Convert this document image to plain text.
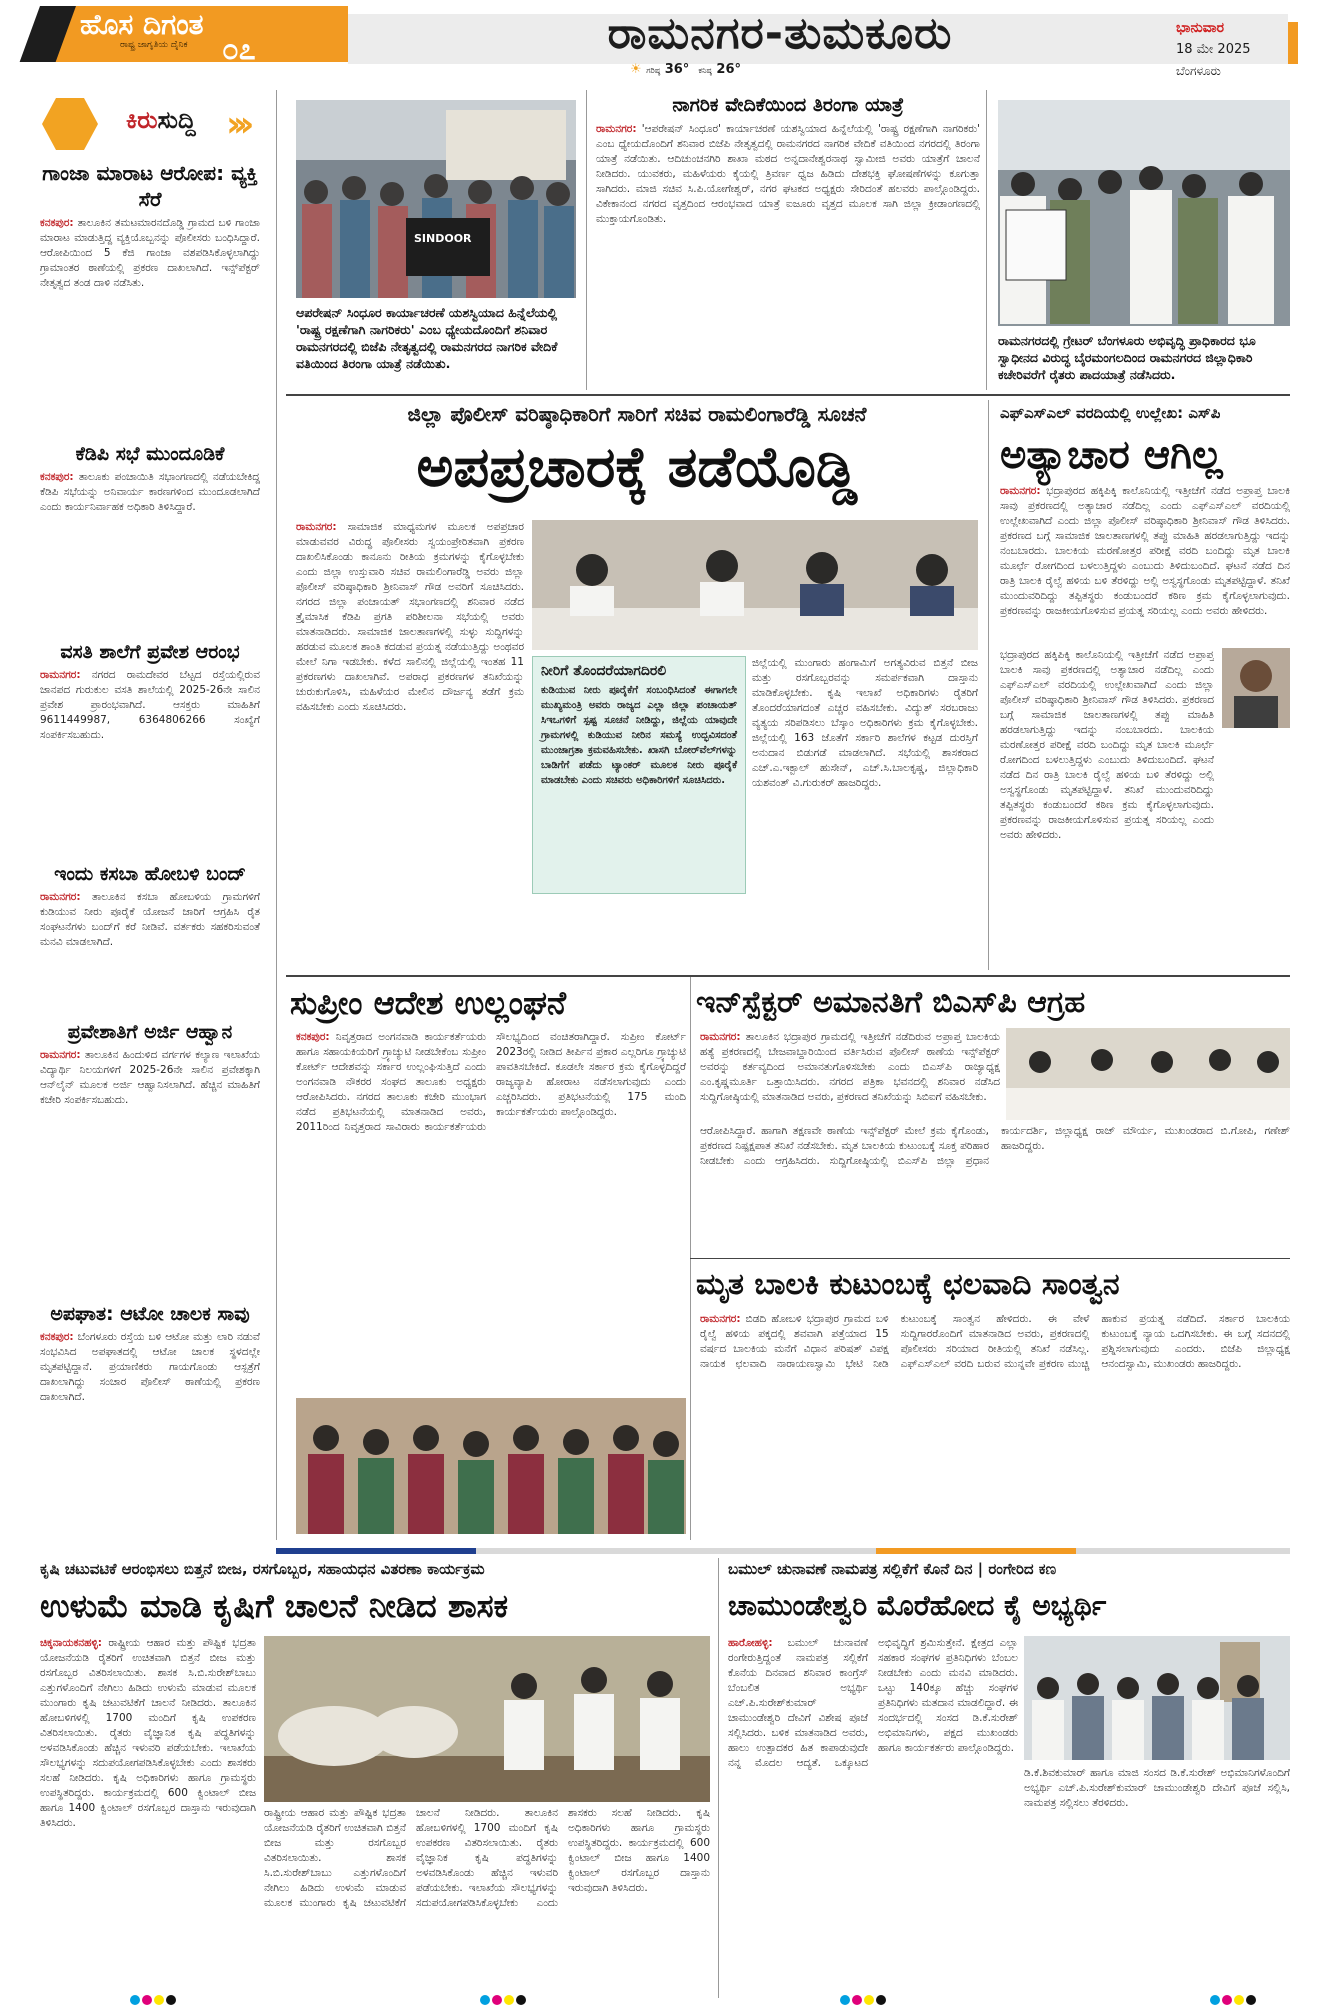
ಹೊಸ ದಿಗಂತ
ರಾಷ್ಟ್ರ ಜಾಗೃತಿಯ ದೈನಿಕ ೦೭	ರಾಮನಗರ-ತುಮಕೂರು
☀ ಗರಿಷ್ಠ 36° ಕನಿಷ್ಠ 26°
ಭಾನುವಾರ
18 ಮೇ 2025
ಬೆಂಗಳೂರು
ಕಿರುಸುದ್ದಿ ›››
ಗಾಂಜಾ ಮಾರಾಟ ಆರೋಪ: ವ್ಯಕ್ತಿ ಸೆರೆ
ಕನಕಪುರ: ತಾಲೂಕಿನ ತಮಟಮಾರನದೊಡ್ಡಿ ಗ್ರಾಮದ ಬಳಿ ಗಾಂಜಾ ಮಾರಾಟ ಮಾಡುತ್ತಿದ್ದ ವ್ಯಕ್ತಿಯೊಬ್ಬನನ್ನು ಪೊಲೀಸರು ಬಂಧಿಸಿದ್ದಾರೆ. ಆರೋಪಿಯಿಂದ 5 ಕೆಜಿ ಗಾಂಜಾ ವಶಪಡಿಸಿಕೊಳ್ಳಲಾಗಿದ್ದು ಗ್ರಾಮಾಂತರ ಠಾಣೆಯಲ್ಲಿ ಪ್ರಕರಣ ದಾಖಲಾಗಿದೆ. ಇನ್ಸ್‌ಪೆಕ್ಟರ್ ನೇತೃತ್ವದ ತಂಡ ದಾಳಿ ನಡೆಸಿತು.
ಕೆಡಿಪಿ ಸಭೆ ಮುಂದೂಡಿಕೆ
ಕನಕಪುರ: ತಾಲೂಕು ಪಂಚಾಯಿತಿ ಸಭಾಂಗಣದಲ್ಲಿ ನಡೆಯಬೇಕಿದ್ದ ಕೆಡಿಪಿ ಸಭೆಯನ್ನು ಅನಿವಾರ್ಯ ಕಾರಣಗಳಿಂದ ಮುಂದೂಡಲಾಗಿದೆ ಎಂದು ಕಾರ್ಯನಿರ್ವಾಹಕ ಅಧಿಕಾರಿ ತಿಳಿಸಿದ್ದಾರೆ.
ವಸತಿ ಶಾಲೆಗೆ ಪ್ರವೇಶ ಆರಂಭ
ರಾಮನಗರ: ನಗರದ ರಾಮದೇವರ ಬೆಟ್ಟದ ರಸ್ತೆಯಲ್ಲಿರುವ ಜಾನಪದ ಗುರುಕುಲ ವಸತಿ ಶಾಲೆಯಲ್ಲಿ 2025-26ನೇ ಸಾಲಿನ ಪ್ರವೇಶ ಪ್ರಾರಂಭವಾಗಿದೆ. ಆಸಕ್ತರು ಮಾಹಿತಿಗೆ 9611449987, 6364806266 ಸಂಖ್ಯೆಗೆ ಸಂಪರ್ಕಿಸಬಹುದು.
ಇಂದು ಕಸಬಾ ಹೋಬಳಿ ಬಂದ್
ರಾಮನಗರ: ತಾಲೂಕಿನ ಕಸಬಾ ಹೋಬಳಿಯ ಗ್ರಾಮಗಳಿಗೆ ಕುಡಿಯುವ ನೀರು ಪೂರೈಕೆ ಯೋಜನೆ ಜಾರಿಗೆ ಆಗ್ರಹಿಸಿ ರೈತ ಸಂಘಟನೆಗಳು ಬಂದ್‌ಗೆ ಕರೆ ನೀಡಿವೆ. ವರ್ತಕರು ಸಹಕರಿಸುವಂತೆ ಮನವಿ ಮಾಡಲಾಗಿದೆ.
ಪ್ರವೇಶಾತಿಗೆ ಅರ್ಜಿ ಆಹ್ವಾನ
ರಾಮನಗರ: ತಾಲೂಕಿನ ಹಿಂದುಳಿದ ವರ್ಗಗಳ ಕಲ್ಯಾಣ ಇಲಾಖೆಯ ವಿದ್ಯಾರ್ಥಿ ನಿಲಯಗಳಿಗೆ 2025-26ನೇ ಸಾಲಿನ ಪ್ರವೇಶಕ್ಕಾಗಿ ಆನ್‌ಲೈನ್ ಮೂಲಕ ಅರ್ಜಿ ಆಹ್ವಾನಿಸಲಾಗಿದೆ. ಹೆಚ್ಚಿನ ಮಾಹಿತಿಗೆ ಕಚೇರಿ ಸಂಪರ್ಕಿಸಬಹುದು.
ಅಪಘಾತ: ಆಟೋ ಚಾಲಕ ಸಾವು
ಕನಕಪುರ: ಬೆಂಗಳೂರು ರಸ್ತೆಯ ಬಳಿ ಆಟೋ ಮತ್ತು ಲಾರಿ ನಡುವೆ ಸಂಭವಿಸಿದ ಅಪಘಾತದಲ್ಲಿ ಆಟೋ ಚಾಲಕ ಸ್ಥಳದಲ್ಲೇ ಮೃತಪಟ್ಟಿದ್ದಾನೆ. ಪ್ರಯಾಣಿಕರು ಗಾಯಗೊಂಡು ಆಸ್ಪತ್ರೆಗೆ ದಾಖಲಾಗಿದ್ದು ಸಂಚಾರ ಪೊಲೀಸ್ ಠಾಣೆಯಲ್ಲಿ ಪ್ರಕರಣ ದಾಖಲಾಗಿದೆ.
SINDOOR
ಆಪರೇಷನ್ ಸಿಂಧೂರ ಕಾರ್ಯಾಚರಣೆ ಯಶಸ್ವಿಯಾದ ಹಿನ್ನೆಲೆಯಲ್ಲಿ 'ರಾಷ್ಟ್ರ ರಕ್ಷಣೆಗಾಗಿ ನಾಗರಿಕರು' ಎಂಬ ಧ್ಯೇಯದೊಂದಿಗೆ ಶನಿವಾರ ರಾಮನಗರದಲ್ಲಿ ಬಿಜೆಪಿ ನೇತೃತ್ವದಲ್ಲಿ ರಾಮನಗರದ ನಾಗರಿಕ ವೇದಿಕೆ ವತಿಯಿಂದ ತಿರಂಗಾ ಯಾತ್ರೆ ನಡೆಯಿತು.
ನಾಗರಿಕ ವೇದಿಕೆಯಿಂದ ತಿರಂಗಾ ಯಾತ್ರೆ
ರಾಮನಗರ: 'ಆಪರೇಷನ್ ಸಿಂಧೂರ' ಕಾರ್ಯಾಚರಣೆ ಯಶಸ್ವಿಯಾದ ಹಿನ್ನೆಲೆಯಲ್ಲಿ 'ರಾಷ್ಟ್ರ ರಕ್ಷಣೆಗಾಗಿ ನಾಗರಿಕರು' ಎಂಬ ಧ್ಯೇಯದೊಂದಿಗೆ ಶನಿವಾರ ಬಿಜೆಪಿ ನೇತೃತ್ವದಲ್ಲಿ ರಾಮನಗರದ ನಾಗರಿಕ ವೇದಿಕೆ ವತಿಯಿಂದ ನಗರದಲ್ಲಿ ತಿರಂಗಾ ಯಾತ್ರೆ ನಡೆಯಿತು. ಆದಿಚುಂಚನಗಿರಿ ಶಾಖಾ ಮಠದ ಅನ್ನದಾನೇಶ್ವರನಾಥ ಸ್ವಾಮೀಜಿ ಅವರು ಯಾತ್ರೆಗೆ ಚಾಲನೆ ನೀಡಿದರು. ಯುವಕರು, ಮಹಿಳೆಯರು ಕೈಯಲ್ಲಿ ತ್ರಿವರ್ಣ ಧ್ವಜ ಹಿಡಿದು ದೇಶಭಕ್ತಿ ಘೋಷಣೆಗಳನ್ನು ಕೂಗುತ್ತಾ ಸಾಗಿದರು. ಮಾಜಿ ಸಚಿವ ಸಿ.ಪಿ.ಯೋಗೇಶ್ವರ್, ನಗರ ಘಟಕದ ಅಧ್ಯಕ್ಷರು ಸೇರಿದಂತೆ ಹಲವರು ಪಾಲ್ಗೊಂಡಿದ್ದರು. ವಿಕೇಕಾನಂದ ನಗರದ ವೃತ್ತದಿಂದ ಆರಂಭವಾದ ಯಾತ್ರೆ ಐಜೂರು ವೃತ್ತದ ಮೂಲಕ ಸಾಗಿ ಜಿಲ್ಲಾ ಕ್ರೀಡಾಂಗಣದಲ್ಲಿ ಮುಕ್ತಾಯಗೊಂಡಿತು.
ರಾಮನಗರದಲ್ಲಿ ಗ್ರೇಟರ್ ಬೆಂಗಳೂರು ಅಭಿವೃದ್ಧಿ ಪ್ರಾಧಿಕಾರದ ಭೂ ಸ್ವಾಧೀನದ ವಿರುದ್ಧ ಬೈರಮಂಗಲದಿಂದ ರಾಮನಗರದ ಜಿಲ್ಲಾಧಿಕಾರಿ ಕಚೇರಿವರೆಗೆ ರೈತರು ಪಾದಯಾತ್ರೆ ನಡೆಸಿದರು.
ಜಿಲ್ಲಾ ಪೊಲೀಸ್ ವರಿಷ್ಠಾಧಿಕಾರಿಗೆ ಸಾರಿಗೆ ಸಚಿವ ರಾಮಲಿಂಗಾರೆಡ್ಡಿ ಸೂಚನೆ
ಅಪಪ್ರಚಾರಕ್ಕೆ ತಡೆಯೊಡ್ಡಿ
ರಾಮನಗರ: ಸಾಮಾಜಿಕ ಮಾಧ್ಯಮಗಳ ಮೂಲಕ ಅಪಪ್ರಚಾರ ಮಾಡುವವರ ವಿರುದ್ಧ ಪೊಲೀಸರು ಸ್ವಯಂಪ್ರೇರಿತವಾಗಿ ಪ್ರಕರಣ ದಾಖಲಿಸಿಕೊಂಡು ಕಾನೂನು ರೀತಿಯ ಕ್ರಮಗಳನ್ನು ಕೈಗೊಳ್ಳಬೇಕು ಎಂದು ಜಿಲ್ಲಾ ಉಸ್ತುವಾರಿ ಸಚಿವ ರಾಮಲಿಂಗಾರೆಡ್ಡಿ ಅವರು ಜಿಲ್ಲಾ ಪೊಲೀಸ್ ವರಿಷ್ಠಾಧಿಕಾರಿ ಶ್ರೀನಿವಾಸ್ ಗೌಡ ಅವರಿಗೆ ಸೂಚಿಸಿದರು. ನಗರದ ಜಿಲ್ಲಾ ಪಂಚಾಯತ್ ಸಭಾಂಗಣದಲ್ಲಿ ಶನಿವಾರ ನಡೆದ ತ್ರೈಮಾಸಿಕ ಕೆಡಿಪಿ ಪ್ರಗತಿ ಪರಿಶೀಲನಾ ಸಭೆಯಲ್ಲಿ ಅವರು ಮಾತನಾಡಿದರು. ಸಾಮಾಜಿಕ ಜಾಲತಾಣಗಳಲ್ಲಿ ಸುಳ್ಳು ಸುದ್ದಿಗಳನ್ನು ಹರಡುವ ಮೂಲಕ ಶಾಂತಿ ಕದಡುವ ಪ್ರಯತ್ನ ನಡೆಯುತ್ತಿದ್ದು ಅಂಥವರ ಮೇಲೆ ನಿಗಾ ಇಡಬೇಕು. ಕಳೆದ ಸಾಲಿನಲ್ಲಿ ಜಿಲ್ಲೆಯಲ್ಲಿ ಇಂತಹ 11 ಪ್ರಕರಣಗಳು ದಾಖಲಾಗಿವೆ. ಅಪರಾಧ ಪ್ರಕರಣಗಳ ತನಿಖೆಯನ್ನು ಚುರುಕುಗೊಳಿಸಿ, ಮಹಿಳೆಯರ ಮೇಲಿನ ದೌರ್ಜನ್ಯ ತಡೆಗೆ ಕ್ರಮ ವಹಿಸಬೇಕು ಎಂದು ಸೂಚಿಸಿದರು.
ನೀರಿಗೆ ತೊಂದರೆಯಾಗದಿರಲಿ
ಕುಡಿಯುವ ನೀರು ಪೂರೈಕೆಗೆ ಸಂಬಂಧಿಸಿದಂತೆ ಈಗಾಗಲೇ ಮುಖ್ಯಮಂತ್ರಿ ಅವರು ರಾಜ್ಯದ ಎಲ್ಲಾ ಜಿಲ್ಲಾ ಪಂಚಾಯತ್ ಸಿಇಒಗಳಿಗೆ ಸ್ಪಷ್ಟ ಸೂಚನೆ ನೀಡಿದ್ದು, ಜಿಲ್ಲೆಯ ಯಾವುದೇ ಗ್ರಾಮಗಳಲ್ಲಿ ಕುಡಿಯುವ ನೀರಿನ ಸಮಸ್ಯೆ ಉದ್ಭವಿಸದಂತೆ ಮುಂಜಾಗ್ರತಾ ಕ್ರಮವಹಿಸಬೇಕು. ಖಾಸಗಿ ಬೋರ್‌ವೆಲ್‌ಗಳನ್ನು ಬಾಡಿಗೆಗೆ ಪಡೆದು ಟ್ಯಾಂಕರ್ ಮೂಲಕ ನೀರು ಪೂರೈಕೆ ಮಾಡಬೇಕು ಎಂದು ಸಚಿವರು ಅಧಿಕಾರಿಗಳಿಗೆ ಸೂಚಿಸಿದರು.
ಜಿಲ್ಲೆಯಲ್ಲಿ ಮುಂಗಾರು ಹಂಗಾಮಿಗೆ ಅಗತ್ಯವಿರುವ ಬಿತ್ತನೆ ಬೀಜ ಮತ್ತು ರಸಗೊಬ್ಬರವನ್ನು ಸಮರ್ಪಕವಾಗಿ ದಾಸ್ತಾನು ಮಾಡಿಕೊಳ್ಳಬೇಕು. ಕೃಷಿ ಇಲಾಖೆ ಅಧಿಕಾರಿಗಳು ರೈತರಿಗೆ ತೊಂದರೆಯಾಗದಂತೆ ಎಚ್ಚರ ವಹಿಸಬೇಕು. ವಿದ್ಯುತ್ ಸರಬರಾಜು ವ್ಯತ್ಯಯ ಸರಿಪಡಿಸಲು ಬೆಸ್ಕಾಂ ಅಧಿಕಾರಿಗಳು ಕ್ರಮ ಕೈಗೊಳ್ಳಬೇಕು. ಜಿಲ್ಲೆಯಲ್ಲಿ 163 ಜೊತೆಗೆ ಸರ್ಕಾರಿ ಶಾಲೆಗಳ ಕಟ್ಟಡ ದುರಸ್ತಿಗೆ ಅನುದಾನ ಬಿಡುಗಡೆ ಮಾಡಲಾಗಿದೆ. ಸಭೆಯಲ್ಲಿ ಶಾಸಕರಾದ ಎಚ್.ಎ.ಇಕ್ಬಾಲ್ ಹುಸೇನ್, ಎಚ್.ಸಿ.ಬಾಲಕೃಷ್ಣ, ಜಿಲ್ಲಾಧಿಕಾರಿ ಯಶವಂತ್ ವಿ.ಗುರುಕರ್ ಹಾಜರಿದ್ದರು.
ಎಫ್‌ಎಸ್‌ಎಲ್ ವರದಿಯಲ್ಲಿ ಉಲ್ಲೇಖ: ಎಸ್‌ಪಿ
ಅತ್ಯಾಚಾರ ಆಗಿಲ್ಲ
ರಾಮನಗರ: ಭದ್ರಾಪುರದ ಹಕ್ಕಿಪಿಕ್ಕಿ ಕಾಲೊನಿಯಲ್ಲಿ ಇತ್ತೀಚೆಗೆ ನಡೆದ ಅಪ್ರಾಪ್ತ ಬಾಲಕಿ ಸಾವು ಪ್ರಕರಣದಲ್ಲಿ ಅತ್ಯಾಚಾರ ನಡೆದಿಲ್ಲ ಎಂದು ಎಫ್‌ಎಸ್‌ಎಲ್ ವರದಿಯಲ್ಲಿ ಉಲ್ಲೇಖವಾಗಿದೆ ಎಂದು ಜಿಲ್ಲಾ ಪೊಲೀಸ್ ವರಿಷ್ಠಾಧಿಕಾರಿ ಶ್ರೀನಿವಾಸ್ ಗೌಡ ತಿಳಿಸಿದರು. ಪ್ರಕರಣದ ಬಗ್ಗೆ ಸಾಮಾಜಿಕ ಜಾಲತಾಣಗಳಲ್ಲಿ ತಪ್ಪು ಮಾಹಿತಿ ಹರಡಲಾಗುತ್ತಿದ್ದು ಇದನ್ನು ನಂಬಬಾರದು. ಬಾಲಕಿಯ ಮರಣೋತ್ತರ ಪರೀಕ್ಷೆ ವರದಿ ಬಂದಿದ್ದು ಮೃತ ಬಾಲಕಿ ಮೂರ್ಛೆ ರೋಗದಿಂದ ಬಳಲುತ್ತಿದ್ದಳು ಎಂಬುದು ತಿಳಿದುಬಂದಿದೆ. ಘಟನೆ ನಡೆದ ದಿನ ರಾತ್ರಿ ಬಾಲಕಿ ರೈಲ್ವೆ ಹಳಿಯ ಬಳಿ ತೆರಳಿದ್ದು ಅಲ್ಲಿ ಅಸ್ವಸ್ಥಗೊಂಡು ಮೃತಪಟ್ಟಿದ್ದಾಳೆ. ತನಿಖೆ ಮುಂದುವರಿದಿದ್ದು ತಪ್ಪಿತಸ್ಥರು ಕಂಡುಬಂದರೆ ಕಠಿಣ ಕ್ರಮ ಕೈಗೊಳ್ಳಲಾಗುವುದು. ಪ್ರಕರಣವನ್ನು ರಾಜಕೀಯಗೊಳಿಸುವ ಪ್ರಯತ್ನ ಸರಿಯಲ್ಲ ಎಂದು ಅವರು ಹೇಳಿದರು.
ಭದ್ರಾಪುರದ ಹಕ್ಕಿಪಿಕ್ಕಿ ಕಾಲೊನಿಯಲ್ಲಿ ಇತ್ತೀಚೆಗೆ ನಡೆದ ಅಪ್ರಾಪ್ತ ಬಾಲಕಿ ಸಾವು ಪ್ರಕರಣದಲ್ಲಿ ಅತ್ಯಾಚಾರ ನಡೆದಿಲ್ಲ ಎಂದು ಎಫ್‌ಎಸ್‌ಎಲ್ ವರದಿಯಲ್ಲಿ ಉಲ್ಲೇಖವಾಗಿದೆ ಎಂದು ಜಿಲ್ಲಾ ಪೊಲೀಸ್ ವರಿಷ್ಠಾಧಿಕಾರಿ ಶ್ರೀನಿವಾಸ್ ಗೌಡ ತಿಳಿಸಿದರು. ಪ್ರಕರಣದ ಬಗ್ಗೆ ಸಾಮಾಜಿಕ ಜಾಲತಾಣಗಳಲ್ಲಿ ತಪ್ಪು ಮಾಹಿತಿ ಹರಡಲಾಗುತ್ತಿದ್ದು ಇದನ್ನು ನಂಬಬಾರದು. ಬಾಲಕಿಯ ಮರಣೋತ್ತರ ಪರೀಕ್ಷೆ ವರದಿ ಬಂದಿದ್ದು ಮೃತ ಬಾಲಕಿ ಮೂರ್ಛೆ ರೋಗದಿಂದ ಬಳಲುತ್ತಿದ್ದಳು ಎಂಬುದು ತಿಳಿದುಬಂದಿದೆ. ಘಟನೆ ನಡೆದ ದಿನ ರಾತ್ರಿ ಬಾಲಕಿ ರೈಲ್ವೆ ಹಳಿಯ ಬಳಿ ತೆರಳಿದ್ದು ಅಲ್ಲಿ ಅಸ್ವಸ್ಥಗೊಂಡು ಮೃತಪಟ್ಟಿದ್ದಾಳೆ. ತನಿಖೆ ಮುಂದುವರಿದಿದ್ದು ತಪ್ಪಿತಸ್ಥರು ಕಂಡುಬಂದರೆ ಕಠಿಣ ಕ್ರಮ ಕೈಗೊಳ್ಳಲಾಗುವುದು. ಪ್ರಕರಣವನ್ನು ರಾಜಕೀಯಗೊಳಿಸುವ ಪ್ರಯತ್ನ ಸರಿಯಲ್ಲ ಎಂದು ಅವರು ಹೇಳಿದರು.
ಸುಪ್ರೀಂ ಆದೇಶ ಉಲ್ಲಂಘನೆ
ಕನಕಪುರ: ನಿವೃತ್ತರಾದ ಅಂಗನವಾಡಿ ಕಾರ್ಯಕರ್ತೆಯರು ಹಾಗೂ ಸಹಾಯಕಿಯರಿಗೆ ಗ್ರ್ಯಾಚ್ಯುಟಿ ನೀಡಬೇಕೆಂಬ ಸುಪ್ರೀಂ ಕೋರ್ಟ್ ಆದೇಶವನ್ನು ಸರ್ಕಾರ ಉಲ್ಲಂಘಿಸುತ್ತಿದೆ ಎಂದು ಅಂಗನವಾಡಿ ನೌಕರರ ಸಂಘದ ತಾಲೂಕು ಅಧ್ಯಕ್ಷರು ಆರೋಪಿಸಿದರು. ನಗರದ ತಾಲೂಕು ಕಚೇರಿ ಮುಂಭಾಗ ನಡೆದ ಪ್ರತಿಭಟನೆಯಲ್ಲಿ ಮಾತನಾಡಿದ ಅವರು, 2011ರಿಂದ ನಿವೃತ್ತರಾದ ಸಾವಿರಾರು ಕಾರ್ಯಕರ್ತೆಯರು ಸೌಲಭ್ಯದಿಂದ ವಂಚಿತರಾಗಿದ್ದಾರೆ. ಸುಪ್ರೀಂ ಕೋರ್ಟ್ 2023ರಲ್ಲಿ ನೀಡಿದ ತೀರ್ಪಿನ ಪ್ರಕಾರ ಎಲ್ಲರಿಗೂ ಗ್ರ್ಯಾಚ್ಯುಟಿ ಪಾವತಿಸಬೇಕಿದೆ. ಕೂಡಲೇ ಸರ್ಕಾರ ಕ್ರಮ ಕೈಗೊಳ್ಳದಿದ್ದರೆ ರಾಜ್ಯವ್ಯಾಪಿ ಹೋರಾಟ ನಡೆಸಲಾಗುವುದು ಎಂದು ಎಚ್ಚರಿಸಿದರು. ಪ್ರತಿಭಟನೆಯಲ್ಲಿ 175 ಮಂದಿ ಕಾರ್ಯಕರ್ತೆಯರು ಪಾಲ್ಗೊಂಡಿದ್ದರು.
ಇನ್‌ಸ್ಪೆಕ್ಟರ್ ಅಮಾನತಿಗೆ ಬಿಎಸ್‌ಪಿ ಆಗ್ರಹ
ರಾಮನಗರ: ತಾಲೂಕಿನ ಭದ್ರಾಪುರ ಗ್ರಾಮದಲ್ಲಿ ಇತ್ತೀಚೆಗೆ ನಡೆದಿರುವ ಅಪ್ರಾಪ್ತ ಬಾಲಕಿಯ ಹತ್ಯೆ ಪ್ರಕರಣದಲ್ಲಿ ಬೇಜವಾಬ್ದಾರಿಯಿಂದ ವರ್ತಿಸಿರುವ ಪೊಲೀಸ್ ಠಾಣೆಯ ಇನ್ಸ್‌ಪೆಕ್ಟರ್ ಅವರನ್ನು ಕರ್ತವ್ಯದಿಂದ ಅಮಾನತುಗೊಳಿಸಬೇಕು ಎಂದು ಬಿಎಸ್‌ಪಿ ರಾಜ್ಯಾಧ್ಯಕ್ಷ ಎಂ.ಕೃಷ್ಣಮೂರ್ತಿ ಒತ್ತಾಯಿಸಿದರು. ನಗರದ ಪತ್ರಿಕಾ ಭವನದಲ್ಲಿ ಶನಿವಾರ ನಡೆಸಿದ ಸುದ್ದಿಗೋಷ್ಠಿಯಲ್ಲಿ ಮಾತನಾಡಿದ ಅವರು, ಪ್ರಕರಣದ ತನಿಖೆಯನ್ನು ಸಿಬಿಐಗೆ ವಹಿಸಬೇಕು.
ಆರೋಪಿಸಿದ್ದಾರೆ. ಹಾಗಾಗಿ ತಕ್ಷಣವೇ ಠಾಣೆಯ ಇನ್ಸ್‌ಪೆಕ್ಟರ್ ಮೇಲೆ ಕ್ರಮ ಕೈಗೊಂಡು, ಪ್ರಕರಣದ ನಿಷ್ಪಕ್ಷಪಾತ ತನಿಖೆ ನಡೆಸಬೇಕು. ಮೃತ ಬಾಲಕಿಯ ಕುಟುಂಬಕ್ಕೆ ಸೂಕ್ತ ಪರಿಹಾರ ನೀಡಬೇಕು ಎಂದು ಆಗ್ರಹಿಸಿದರು. ಸುದ್ದಿಗೋಷ್ಠಿಯಲ್ಲಿ ಬಿಎಸ್‌ಪಿ ಜಿಲ್ಲಾ ಪ್ರಧಾನ ಕಾರ್ಯದರ್ಶಿ, ಜಿಲ್ಲಾಧ್ಯಕ್ಷ ರಾಜ್ ಮೌರ್ಯ, ಮುಖಂಡರಾದ ಬಿ.ಗೋಪಿ, ಗಣೇಶ್ ಹಾಜರಿದ್ದರು.
ಮೃತ ಬಾಲಕಿ ಕುಟುಂಬಕ್ಕೆ ಛಲವಾದಿ ಸಾಂತ್ವನ
ರಾಮನಗರ: ಬಿಡದಿ ಹೋಬಳಿ ಭದ್ರಾಪುರ ಗ್ರಾಮದ ಬಳಿ ರೈಲ್ವೆ ಹಳಿಯ ಪಕ್ಕದಲ್ಲಿ ಶವವಾಗಿ ಪತ್ತೆಯಾದ 15 ವರ್ಷದ ಬಾಲಕಿಯ ಮನೆಗೆ ವಿಧಾನ ಪರಿಷತ್ ವಿಪಕ್ಷ ನಾಯಕ ಛಲವಾದಿ ನಾರಾಯಣಸ್ವಾಮಿ ಭೇಟಿ ನೀಡಿ ಕುಟುಂಬಕ್ಕೆ ಸಾಂತ್ವನ ಹೇಳಿದರು. ಈ ವೇಳೆ ಸುದ್ದಿಗಾರರೊಂದಿಗೆ ಮಾತನಾಡಿದ ಅವರು, ಪ್ರಕರಣದಲ್ಲಿ ಪೊಲೀಸರು ಸರಿಯಾದ ರೀತಿಯಲ್ಲಿ ತನಿಖೆ ನಡೆಸಿಲ್ಲ. ಎಫ್‌ಎಸ್‌ಎಲ್ ವರದಿ ಬರುವ ಮುನ್ನವೇ ಪ್ರಕರಣ ಮುಚ್ಚಿ ಹಾಕುವ ಪ್ರಯತ್ನ ನಡೆದಿದೆ. ಸರ್ಕಾರ ಬಾಲಕಿಯ ಕುಟುಂಬಕ್ಕೆ ನ್ಯಾಯ ಒದಗಿಸಬೇಕು. ಈ ಬಗ್ಗೆ ಸದನದಲ್ಲಿ ಪ್ರಶ್ನಿಸಲಾಗುವುದು ಎಂದರು. ಬಿಜೆಪಿ ಜಿಲ್ಲಾಧ್ಯಕ್ಷ ಆನಂದಸ್ವಾಮಿ, ಮುಖಂಡರು ಹಾಜರಿದ್ದರು.
ಕೃಷಿ ಚಟುವಟಿಕೆ ಆರಂಭಿಸಲು ಬಿತ್ತನೆ ಬೀಜ, ರಸಗೊಬ್ಬರ, ಸಹಾಯಧನ ವಿತರಣಾ ಕಾರ್ಯಕ್ರಮ
ಉಳುಮೆ ಮಾಡಿ ಕೃಷಿಗೆ ಚಾಲನೆ ನೀಡಿದ ಶಾಸಕ
ಚಿಕ್ಕನಾಯಕನಹಳ್ಳಿ: ರಾಷ್ಟ್ರೀಯ ಆಹಾರ ಮತ್ತು ಪೌಷ್ಟಿಕ ಭದ್ರತಾ ಯೋಜನೆಯಡಿ ರೈತರಿಗೆ ಉಚಿತವಾಗಿ ಬಿತ್ತನೆ ಬೀಜ ಮತ್ತು ರಸಗೊಬ್ಬರ ವಿತರಿಸಲಾಯಿತು. ಶಾಸಕ ಸಿ.ಬಿ.ಸುರೇಶ್‌ಬಾಬು ಎತ್ತುಗಳೊಂದಿಗೆ ನೇಗಿಲು ಹಿಡಿದು ಉಳುಮೆ ಮಾಡುವ ಮೂಲಕ ಮುಂಗಾರು ಕೃಷಿ ಚಟುವಟಿಕೆಗೆ ಚಾಲನೆ ನೀಡಿದರು. ತಾಲೂಕಿನ ಹೋಬಳಿಗಳಲ್ಲಿ 1700 ಮಂದಿಗೆ ಕೃಷಿ ಉಪಕರಣ ವಿತರಿಸಲಾಯಿತು. ರೈತರು ವೈಜ್ಞಾನಿಕ ಕೃಷಿ ಪದ್ಧತಿಗಳನ್ನು ಅಳವಡಿಸಿಕೊಂಡು ಹೆಚ್ಚಿನ ಇಳುವರಿ ಪಡೆಯಬೇಕು. ಇಲಾಖೆಯ ಸೌಲಭ್ಯಗಳನ್ನು ಸದುಪಯೋಗಪಡಿಸಿಕೊಳ್ಳಬೇಕು ಎಂದು ಶಾಸಕರು ಸಲಹೆ ನೀಡಿದರು. ಕೃಷಿ ಅಧಿಕಾರಿಗಳು ಹಾಗೂ ಗ್ರಾಮಸ್ಥರು ಉಪಸ್ಥಿತರಿದ್ದರು. ಕಾರ್ಯಕ್ರಮದಲ್ಲಿ 600 ಕ್ವಿಂಟಾಲ್ ಬೀಜ ಹಾಗೂ 1400 ಕ್ವಿಂಟಾಲ್ ರಸಗೊಬ್ಬರ ದಾಸ್ತಾನು ಇರುವುದಾಗಿ ತಿಳಿಸಿದರು.
ರಾಷ್ಟ್ರೀಯ ಆಹಾರ ಮತ್ತು ಪೌಷ್ಟಿಕ ಭದ್ರತಾ ಯೋಜನೆಯಡಿ ರೈತರಿಗೆ ಉಚಿತವಾಗಿ ಬಿತ್ತನೆ ಬೀಜ ಮತ್ತು ರಸಗೊಬ್ಬರ ವಿತರಿಸಲಾಯಿತು. ಶಾಸಕ ಸಿ.ಬಿ.ಸುರೇಶ್‌ಬಾಬು ಎತ್ತುಗಳೊಂದಿಗೆ ನೇಗಿಲು ಹಿಡಿದು ಉಳುಮೆ ಮಾಡುವ ಮೂಲಕ ಮುಂಗಾರು ಕೃಷಿ ಚಟುವಟಿಕೆಗೆ ಚಾಲನೆ ನೀಡಿದರು. ತಾಲೂಕಿನ ಹೋಬಳಿಗಳಲ್ಲಿ 1700 ಮಂದಿಗೆ ಕೃಷಿ ಉಪಕರಣ ವಿತರಿಸಲಾಯಿತು. ರೈತರು ವೈಜ್ಞಾನಿಕ ಕೃಷಿ ಪದ್ಧತಿಗಳನ್ನು ಅಳವಡಿಸಿಕೊಂಡು ಹೆಚ್ಚಿನ ಇಳುವರಿ ಪಡೆಯಬೇಕು. ಇಲಾಖೆಯ ಸೌಲಭ್ಯಗಳನ್ನು ಸದುಪಯೋಗಪಡಿಸಿಕೊಳ್ಳಬೇಕು ಎಂದು ಶಾಸಕರು ಸಲಹೆ ನೀಡಿದರು. ಕೃಷಿ ಅಧಿಕಾರಿಗಳು ಹಾಗೂ ಗ್ರಾಮಸ್ಥರು ಉಪಸ್ಥಿತರಿದ್ದರು. ಕಾರ್ಯಕ್ರಮದಲ್ಲಿ 600 ಕ್ವಿಂಟಾಲ್ ಬೀಜ ಹಾಗೂ 1400 ಕ್ವಿಂಟಾಲ್ ರಸಗೊಬ್ಬರ ದಾಸ್ತಾನು ಇರುವುದಾಗಿ ತಿಳಿಸಿದರು.
ಬಮುಲ್ ಚುನಾವಣೆ ನಾಮಪತ್ರ ಸಲ್ಲಿಕೆಗೆ ಕೊನೆ ದಿನ | ರಂಗೇರಿದ ಕಣ
ಚಾಮುಂಡೇಶ್ವರಿ ಮೊರೆಹೋದ ಕೈ ಅಭ್ಯರ್ಥಿ
ಹಾರೋಹಳ್ಳಿ: ಬಮುಲ್ ಚುನಾವಣೆ ರಂಗೇರುತ್ತಿದ್ದಂತೆ ನಾಮಪತ್ರ ಸಲ್ಲಿಕೆಗೆ ಕೊನೆಯ ದಿನವಾದ ಶನಿವಾರ ಕಾಂಗ್ರೆಸ್ ಬೆಂಬಲಿತ ಅಭ್ಯರ್ಥಿ ಎಚ್.ಪಿ.ಸುರೇಶ್‌ಕುಮಾರ್ ಚಾಮುಂಡೇಶ್ವರಿ ದೇವಿಗೆ ವಿಶೇಷ ಪೂಜೆ ಸಲ್ಲಿಸಿದರು. ಬಳಿಕ ಮಾತನಾಡಿದ ಅವರು, ಹಾಲು ಉತ್ಪಾದಕರ ಹಿತ ಕಾಪಾಡುವುದೇ ನನ್ನ ಮೊದಲ ಆದ್ಯತೆ. ಒಕ್ಕೂಟದ ಅಭಿವೃದ್ಧಿಗೆ ಶ್ರಮಿಸುತ್ತೇನೆ. ಕ್ಷೇತ್ರದ ಎಲ್ಲಾ ಸಹಕಾರ ಸಂಘಗಳ ಪ್ರತಿನಿಧಿಗಳು ಬೆಂಬಲ ನೀಡಬೇಕು ಎಂದು ಮನವಿ ಮಾಡಿದರು. ಒಟ್ಟು 140ಕ್ಕೂ ಹೆಚ್ಚು ಸಂಘಗಳ ಪ್ರತಿನಿಧಿಗಳು ಮತದಾನ ಮಾಡಲಿದ್ದಾರೆ. ಈ ಸಂದರ್ಭದಲ್ಲಿ ಸಂಸದ ಡಿ.ಕೆ.ಸುರೇಶ್ ಅಭಿಮಾನಿಗಳು, ಪಕ್ಷದ ಮುಖಂಡರು ಹಾಗೂ ಕಾರ್ಯಕರ್ತರು ಪಾಲ್ಗೊಂಡಿದ್ದರು.
ಡಿ.ಕೆ.ಶಿವಕುಮಾರ್ ಹಾಗೂ ಮಾಜಿ ಸಂಸದ ಡಿ.ಕೆ.ಸುರೇಶ್ ಅಭಿಮಾನಿಗಳೊಂದಿಗೆ ಅಭ್ಯರ್ಥಿ ಎಚ್.ಪಿ.ಸುರೇಶ್‌ಕುಮಾರ್ ಚಾಮುಂಡೇಶ್ವರಿ ದೇವಿಗೆ ಪೂಜೆ ಸಲ್ಲಿಸಿ, ನಾಮಪತ್ರ ಸಲ್ಲಿಸಲು ತೆರಳಿದರು.
